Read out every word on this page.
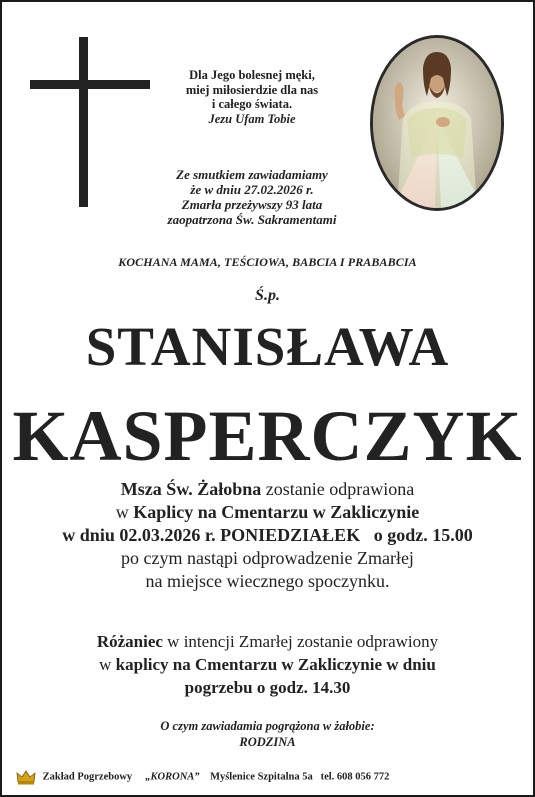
Dla Jego bolesnej męki,
miej miłosierdzie dla nas
i całego świata.
Jezu Ufam Tobie
Ze smutkiem zawiadamiamy
że w dniu 27.02.2026 r.
Zmarła przeżywszy 93 lata
zaopatrzona Św. Sakramentami
KOCHANA MAMA, TEŚCIOWA, BABCIA I PRABABCIA
Ś.p.
STANISŁAWA
KASPERCZYK
Msza Św. Żałobna zostanie odprawiona
w Kaplicy na Cmentarzu w Zakliczynie
w dniu 02.03.2026 r. PONIEDZIAŁEK   o godz. 15.00
po czym nastąpi odprowadzenie Zmarłej
na miejsce wiecznego spoczynku.
Różaniec w intencji Zmarłej zostanie odprawiony
w kaplicy na Cmentarzu w Zakliczynie w dniu
pogrzebu o godz. 14.30
O czym zawiadamia pogrążona w żałobie:
RODZINA
Zakład Pogrzebowy „KORONA” Myślenice Szpitalna 5a tel. 608 056 772
